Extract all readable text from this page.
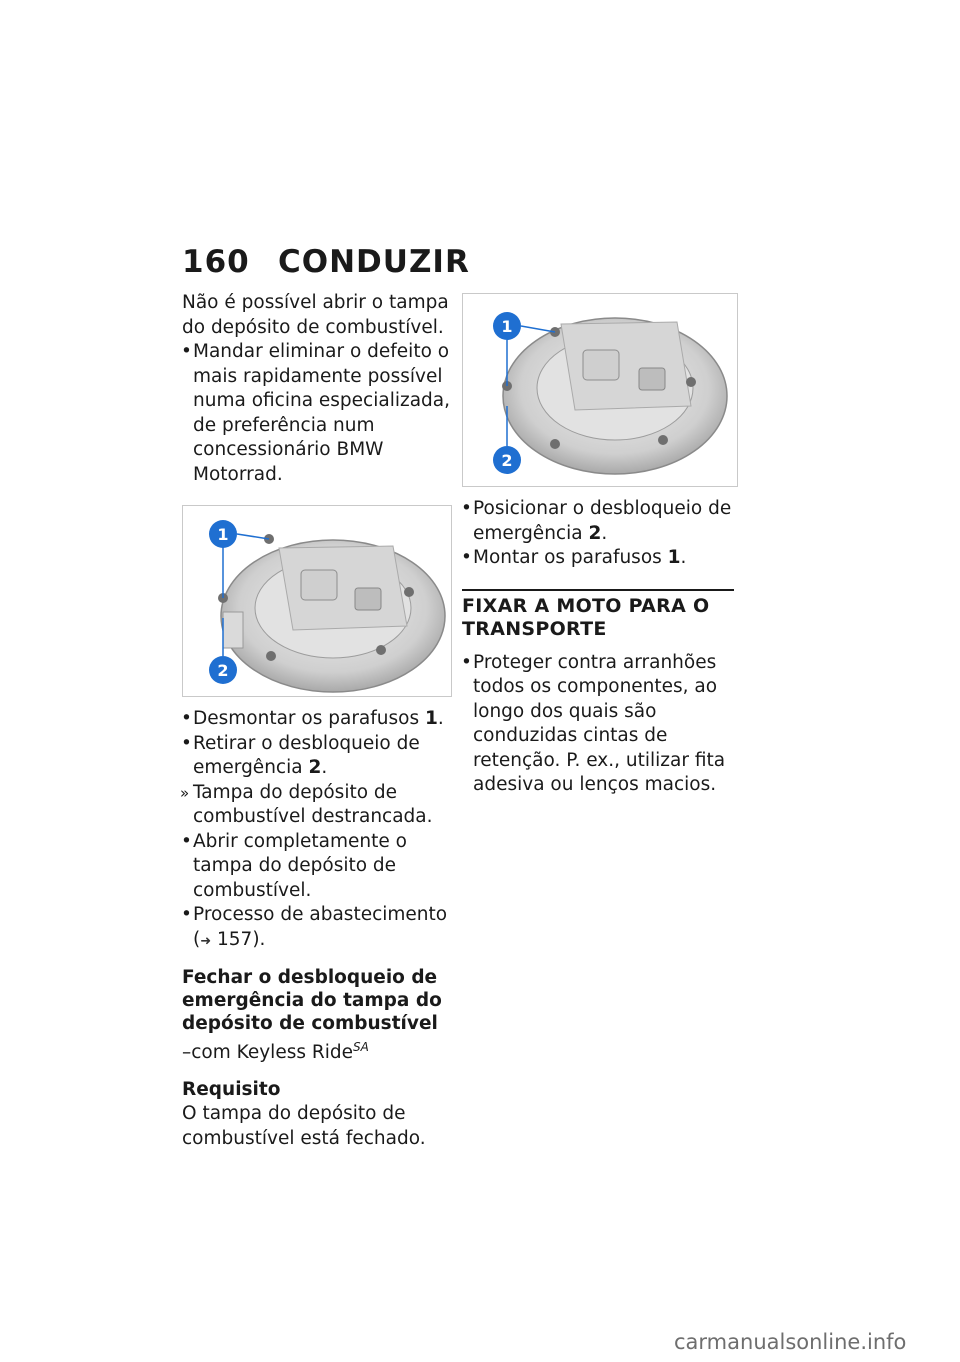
160 CONDUZIR

Não é possível abrir o tampa do depósito de combustível.

• Mandar eliminar o defeito o mais rapidamente possível numa oficina especializada, de preferência num concessionário BMW Motorrad.

1
2

• Desmontar os parafusos 1.

• Retirar o desbloqueio de emergência 2.

» Tampa do depósito de combustível destrancada.

• Abrir completamente o tampa do depósito de combustível.

• Processo de abastecimento
(➜ 157).

Fechar o desbloqueio de emergência do tampa do depósito de combustível

–com Keyless Ride$^{SA}$

Requisito

O tampa do depósito de combustível está fechado.

1
2

• Posicionar o desbloqueio de emergência 2.

• Montar os parafusos 1.

FIXAR A MOTO PARA O TRANSPORTE

• Proteger contra arranhões todos os componentes, ao longo dos quais são conduzidas cintas de retenção. P. ex., utilizar fita adesiva ou lenços macios.

carmanualsonline.info
